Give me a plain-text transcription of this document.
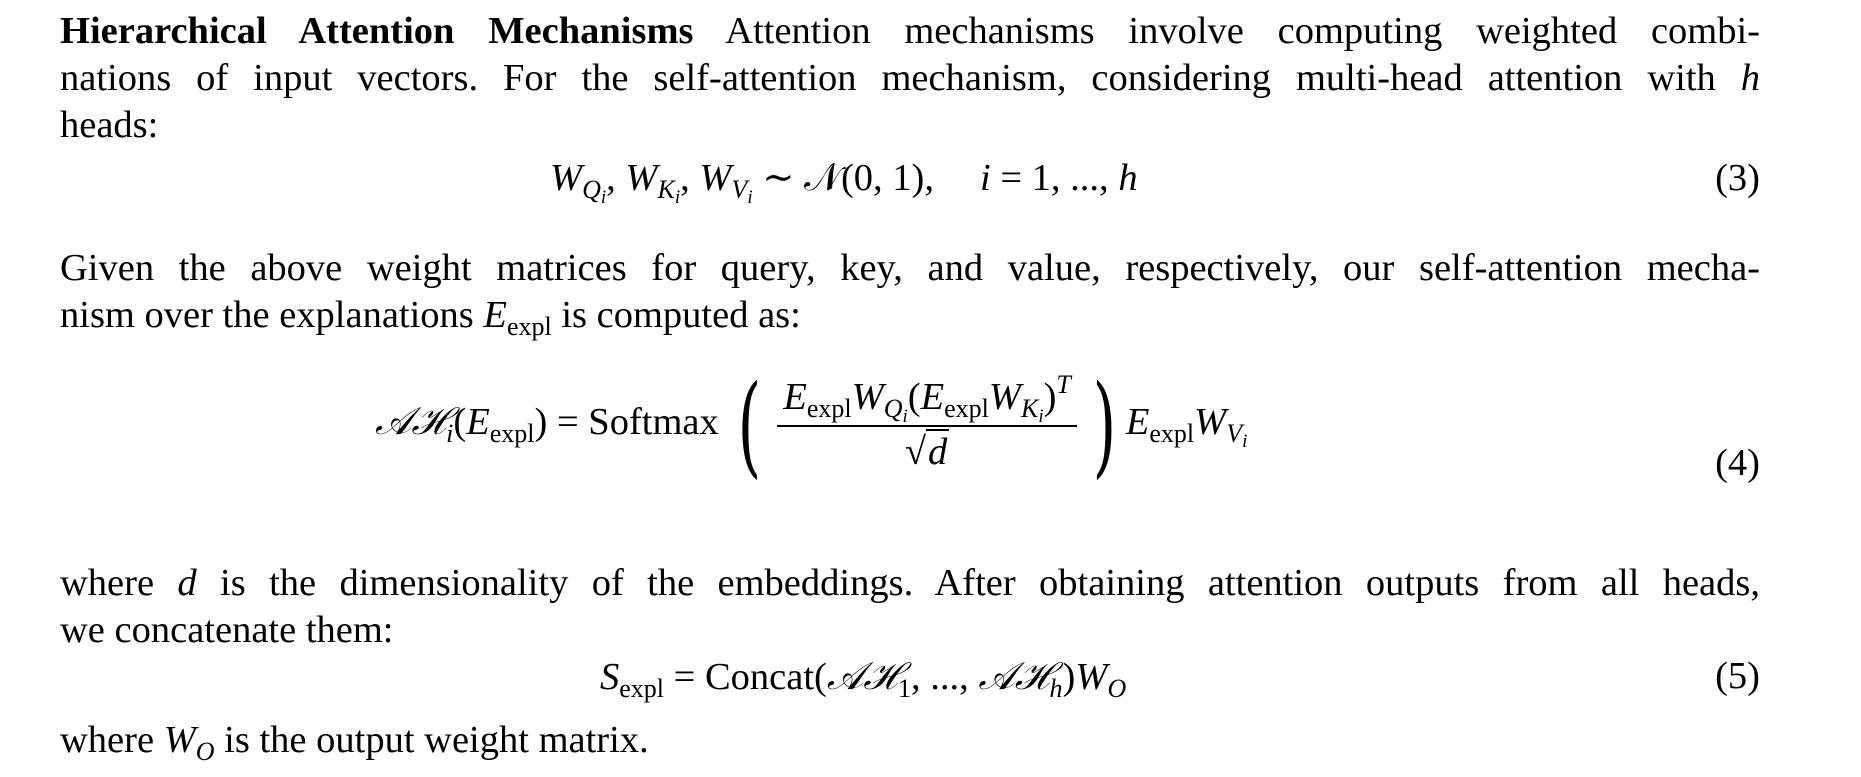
Hierarchical Attention Mechanisms Attention mechanisms involve computing weighted combi-

nations of input vectors. For the self-attention mechanism, considering multi-head attention with h

heads:

$W_{Qi}$, $W_{Ki}$, $W_{Vi}$ ∼ 𝒩(0, 1), i = 1, ..., h	(3)

Given the above weight matrices for query, key, and value, respectively, our self-attention mecha-

nism over the explanations $E_{expl}$ is computed as:

$𝒜ℋ_i(E_{expl})$ = Softmax ( $\frac{E_{expl}W_{Qi}(E_{expl}W_{Ki})^T}{√d}$ ) $E_{expl}W_{Vi}$
(4)

where d is the dimensionality of the embeddings. After obtaining attention outputs from all heads,

we concatenate them:

$S_{expl}$ = Concat(𝒜ℋ$_1$, ..., $𝒜ℋ_h)W_O$	(5)

where $W_O$ is the output weight matrix.
